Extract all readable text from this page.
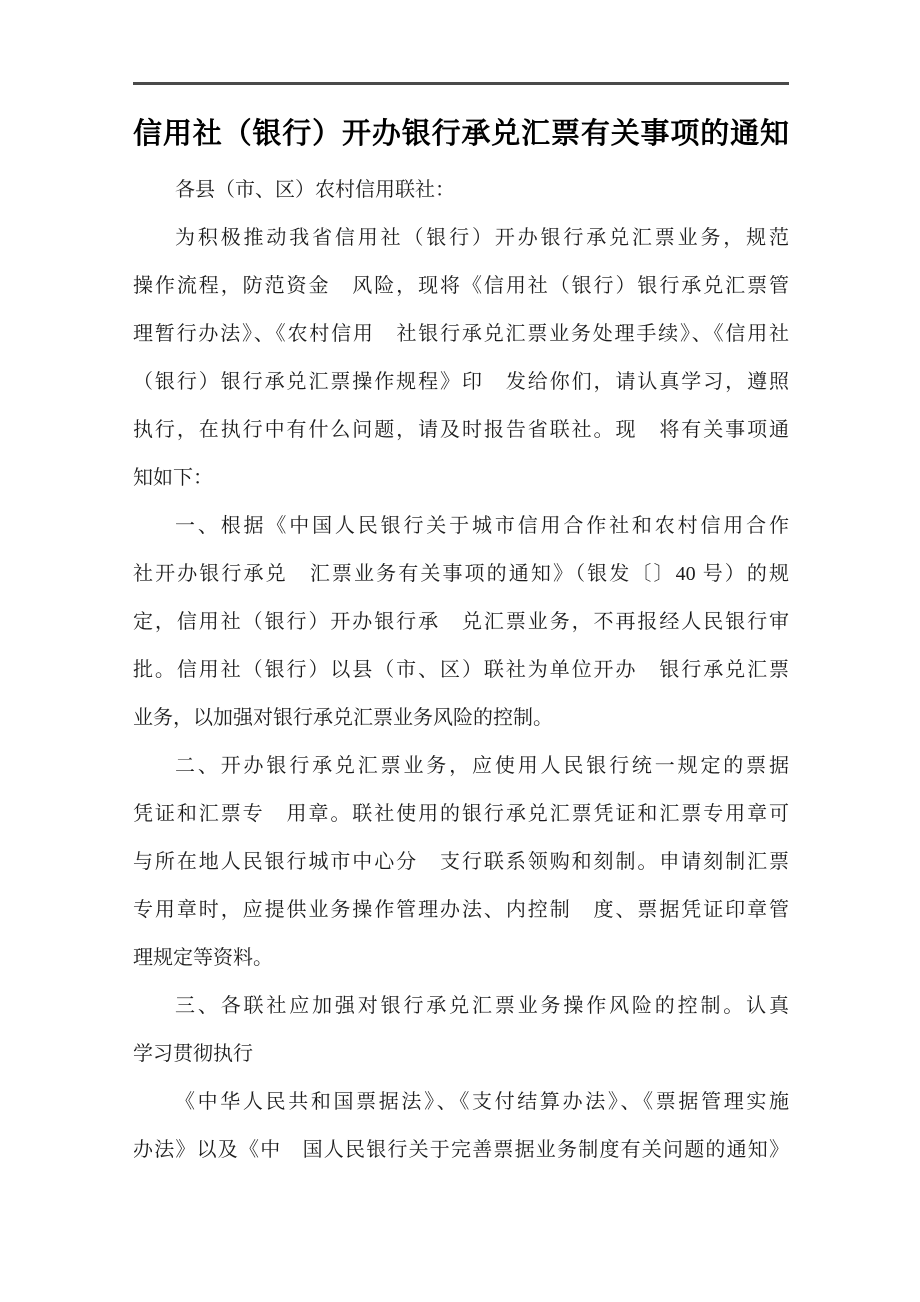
信用社（银行）开办银行承兑汇票有关事项的通知
各县（市、区）农村信用联社：
为积极推动我省信用社（银行）开办银行承兑汇票业务，规范
操作流程，防范资金　风险，现将《信用社（银行）银行承兑汇票管
理暂行办法》、《农村信用　社银行承兑汇票业务处理手续》、《信用社
（银行）银行承兑汇票操作规程》印　发给你们，请认真学习，遵照
执行，在执行中有什么问题，请及时报告省联社。现　将有关事项通
知如下：
一、根据《中国人民银行关于城市信用合作社和农村信用合作
社开办银行承兑　汇票业务有关事项的通知》（银发〔〕40 号）的规
定，信用社（银行）开办银行承　兑汇票业务，不再报经人民银行审
批。信用社（银行）以县（市、区）联社为单位开办　银行承兑汇票
业务，以加强对银行承兑汇票业务风险的控制。
二、开办银行承兑汇票业务，应使用人民银行统一规定的票据
凭证和汇票专　用章。联社使用的银行承兑汇票凭证和汇票专用章可
与所在地人民银行城市中心分　支行联系领购和刻制。申请刻制汇票
专用章时，应提供业务操作管理办法、内控制　度、票据凭证印章管
理规定等资料。
三、各联社应加强对银行承兑汇票业务操作风险的控制。认真
学习贯彻执行
《中华人民共和国票据法》、《支付结算办法》、《票据管理实施
办法》以及《中　国人民银行关于完善票据业务制度有关问题的通知》
